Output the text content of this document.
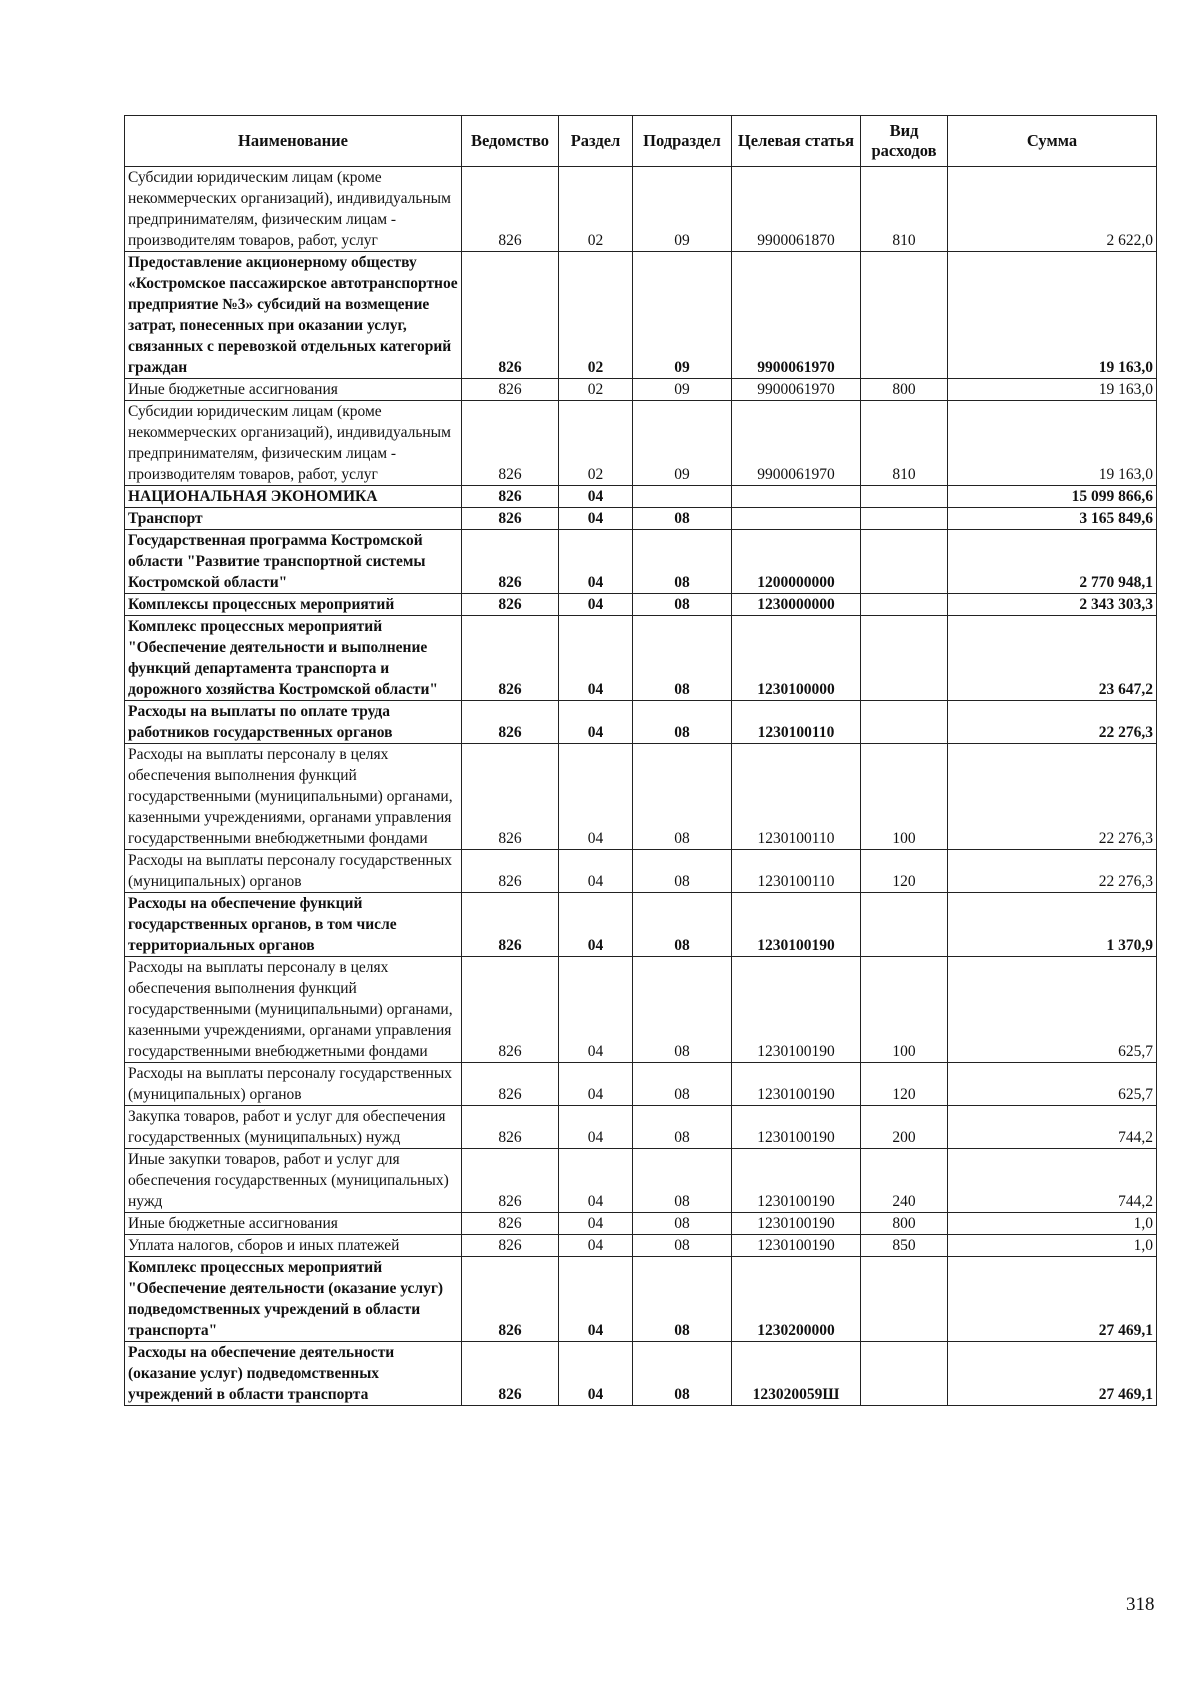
Наименование	Ведомство	Раздел	Подраздел	Целевая статья	Вид расходов	Сумма
Субсидии юридическим лицам (кроме некоммерческих организаций), индивидуальным предпринимателям, физическим лицам - производителям товаров, работ, услуг	826	02	09	9900061870	810	2 622,0
Предоставление акционерному обществу «Костромское пассажирское автотранспортное предприятие №3» субсидий на возмещение затрат, понесенных при оказании услуг, связанных с перевозкой отдельных категорий граждан	826	02	09	9900061970		19 163,0
Иные бюджетные ассигнования	826	02	09	9900061970	800	19 163,0
Субсидии юридическим лицам (кроме некоммерческих организаций), индивидуальным предпринимателям, физическим лицам - производителям товаров, работ, услуг	826	02	09	9900061970	810	19 163,0
НАЦИОНАЛЬНАЯ ЭКОНОМИКА	826	04				15 099 866,6
Транспорт	826	04	08			3 165 849,6
Государственная программа Костромской области "Развитие транспортной системы Костромской области"	826	04	08	1200000000		2 770 948,1
Комплексы процессных мероприятий	826	04	08	1230000000		2 343 303,3
Комплекс процессных мероприятий "Обеспечение деятельности и выполнение функций департамента транспорта и дорожного хозяйства Костромской области"	826	04	08	1230100000		23 647,2
Расходы на выплаты по оплате труда работников государственных органов	826	04	08	1230100110		22 276,3
Расходы на выплаты персоналу в целях обеспечения выполнения функций государственными (муниципальными) органами, казенными учреждениями, органами управления государственными внебюджетными фондами	826	04	08	1230100110	100	22 276,3
Расходы на выплаты персоналу государственных (муниципальных) органов	826	04	08	1230100110	120	22 276,3
Расходы на обеспечение функций государственных органов, в том числе территориальных органов	826	04	08	1230100190		1 370,9
Расходы на выплаты персоналу в целях обеспечения выполнения функций государственными (муниципальными) органами, казенными учреждениями, органами управления государственными внебюджетными фондами	826	04	08	1230100190	100	625,7
Расходы на выплаты персоналу государственных (муниципальных) органов	826	04	08	1230100190	120	625,7
Закупка товаров, работ и услуг для обеспечения государственных (муниципальных) нужд	826	04	08	1230100190	200	744,2
Иные закупки товаров, работ и услуг для обеспечения государственных (муниципальных) нужд	826	04	08	1230100190	240	744,2
Иные бюджетные ассигнования	826	04	08	1230100190	800	1,0
Уплата налогов, сборов и иных платежей	826	04	08	1230100190	850	1,0
Комплекс процессных мероприятий "Обеспечение деятельности (оказание услуг) подведомственных учреждений в области транспорта"	826	04	08	1230200000		27 469,1
Расходы на обеспечение деятельности (оказание услуг) подведомственных учреждений в области транспорта	826	04	08	123020059Ш		27 469,1
318
